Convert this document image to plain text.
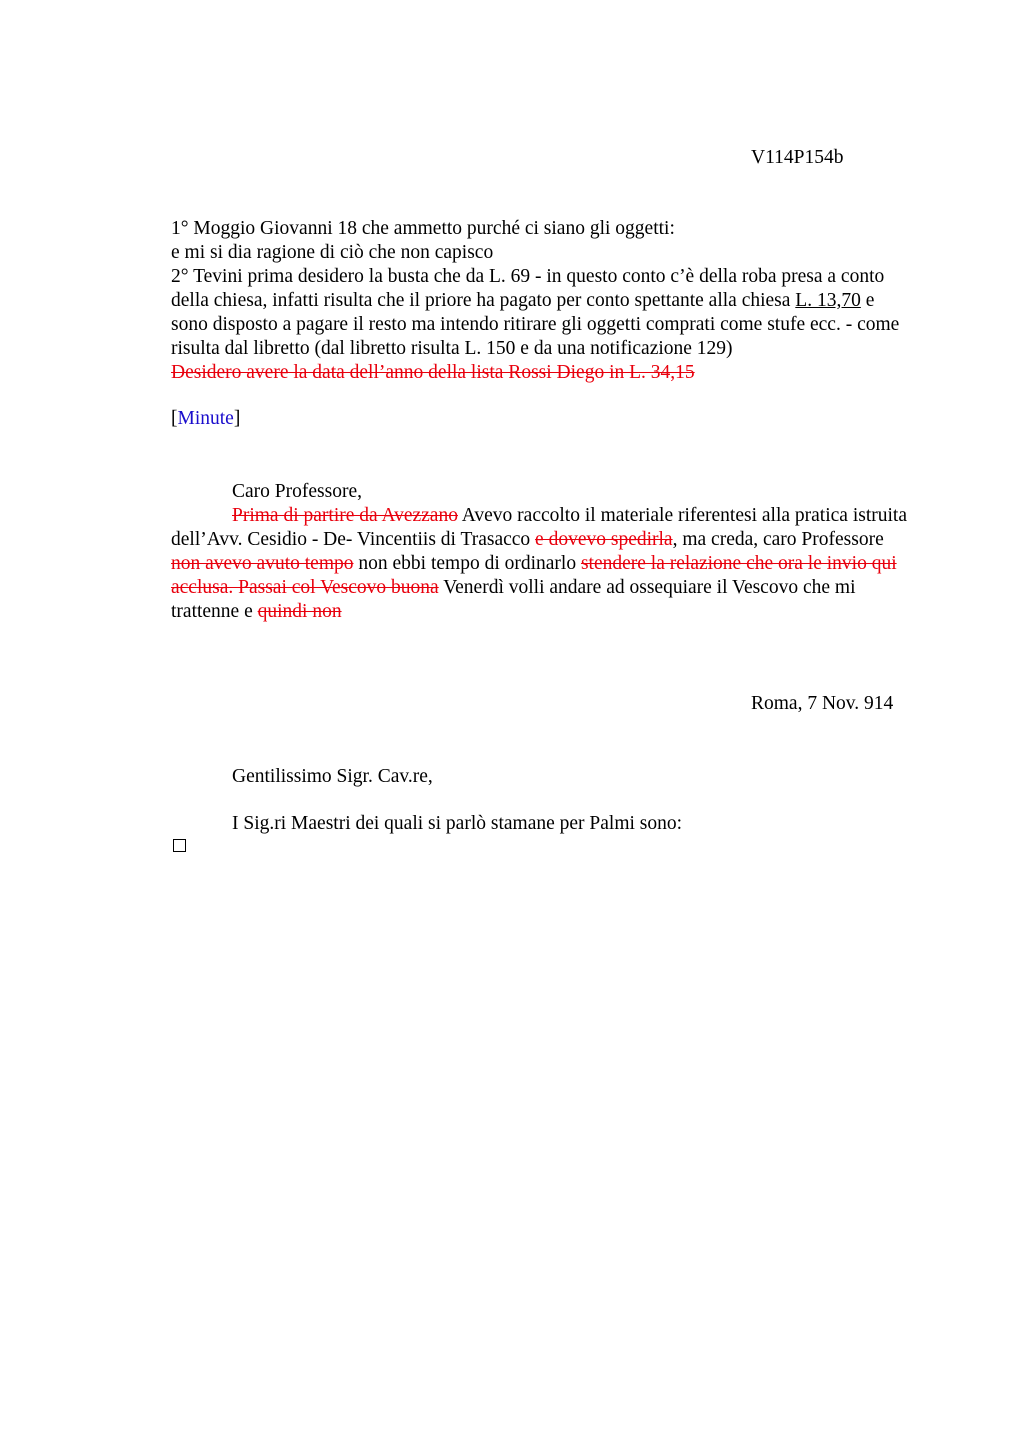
V114P154b

1° Moggio Giovanni 18 che ammetto purché ci siano gli oggetti:

e mi si dia ragione di ciò che non capisco

2° Tevini prima desidero la busta che da L. 69 - in questo conto c’è della roba presa a conto della chiesa, infatti risulta che il priore ha pagato per conto spettante alla chiesa L. 13,70 e sono disposto a pagare il resto ma intendo ritirare gli oggetti comprati come stufe ecc. - come risulta dal libretto (dal libretto risulta L. 150 e da una notificazione 129)

Desidero avere la data dell’anno della lista Rossi Diego in L. 34,15

[Minute]

Caro Professore,

Prima di partire da Avezzano Avevo raccolto il materiale riferentesi alla pratica istruita dell’Avv. Cesidio - De- Vincentiis di Trasacco e dovevo spedirla, ma creda, caro Professore non avevo avuto tempo non ebbi tempo di ordinarlo stendere la relazione che ora le invio qui acclusa. Passai col Vescovo buona Venerdì volli andare ad ossequiare il Vescovo che mi trattenne e quindi non

Roma, 7 Nov. 914
Gentilissimo Sigr. Cav.re,
I Sig.ri Maestri dei quali si parlò stamane per Palmi sono:
